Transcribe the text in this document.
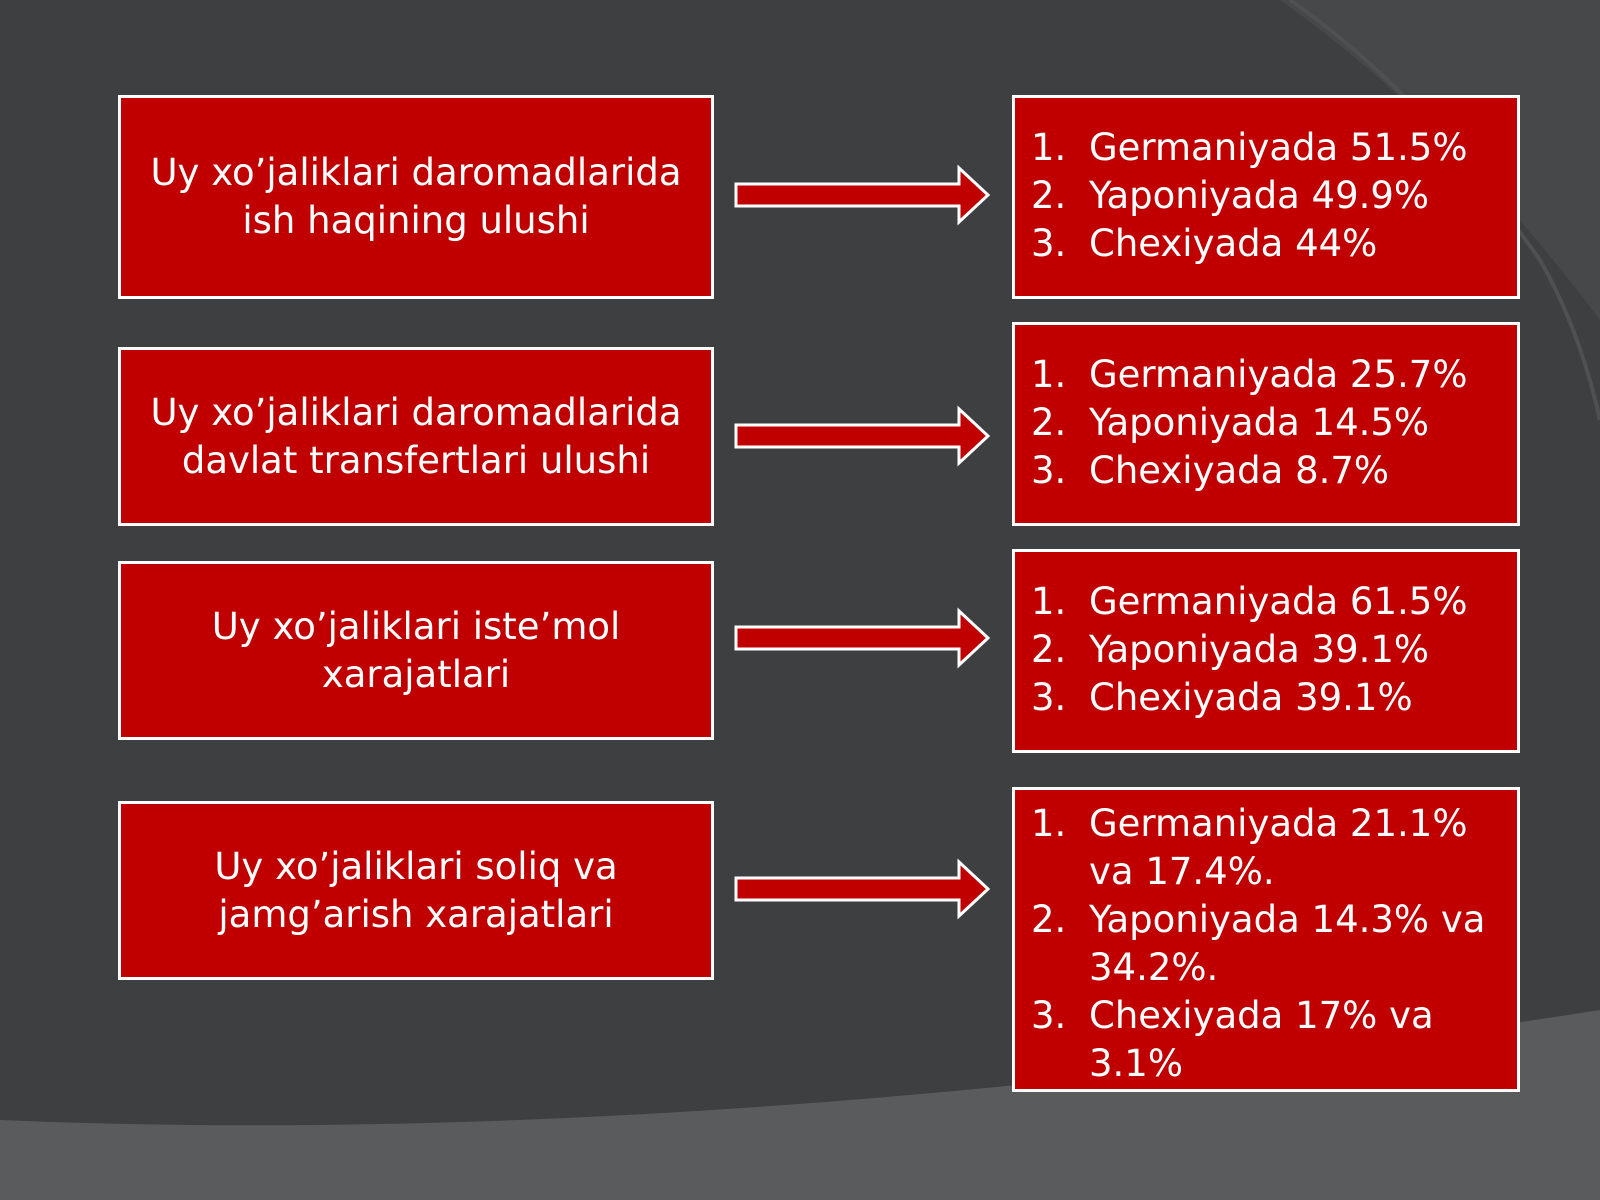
Uy xo’jaliklari daromadlarida ish haqining ulushi
1. Germaniyada 51.5%
2. Yaponiyada 49.9%
3. Chexiyada 44%
Uy xo’jaliklari daromadlarida davlat transfertlari ulushi
1. Germaniyada 25.7%
2. Yaponiyada 14.5%
3. Chexiyada 8.7%
Uy xo’jaliklari iste’mol xarajatlari
1. Germaniyada 61.5%
2. Yaponiyada 39.1%
3. Chexiyada 39.1%
Uy xo’jaliklari soliq va jamg’arish xarajatlari
1. Germaniyada 21.1% va 17.4%.
2. Yaponiyada 14.3% va 34.2%.
3. Chexiyada 17% va 3.1%
